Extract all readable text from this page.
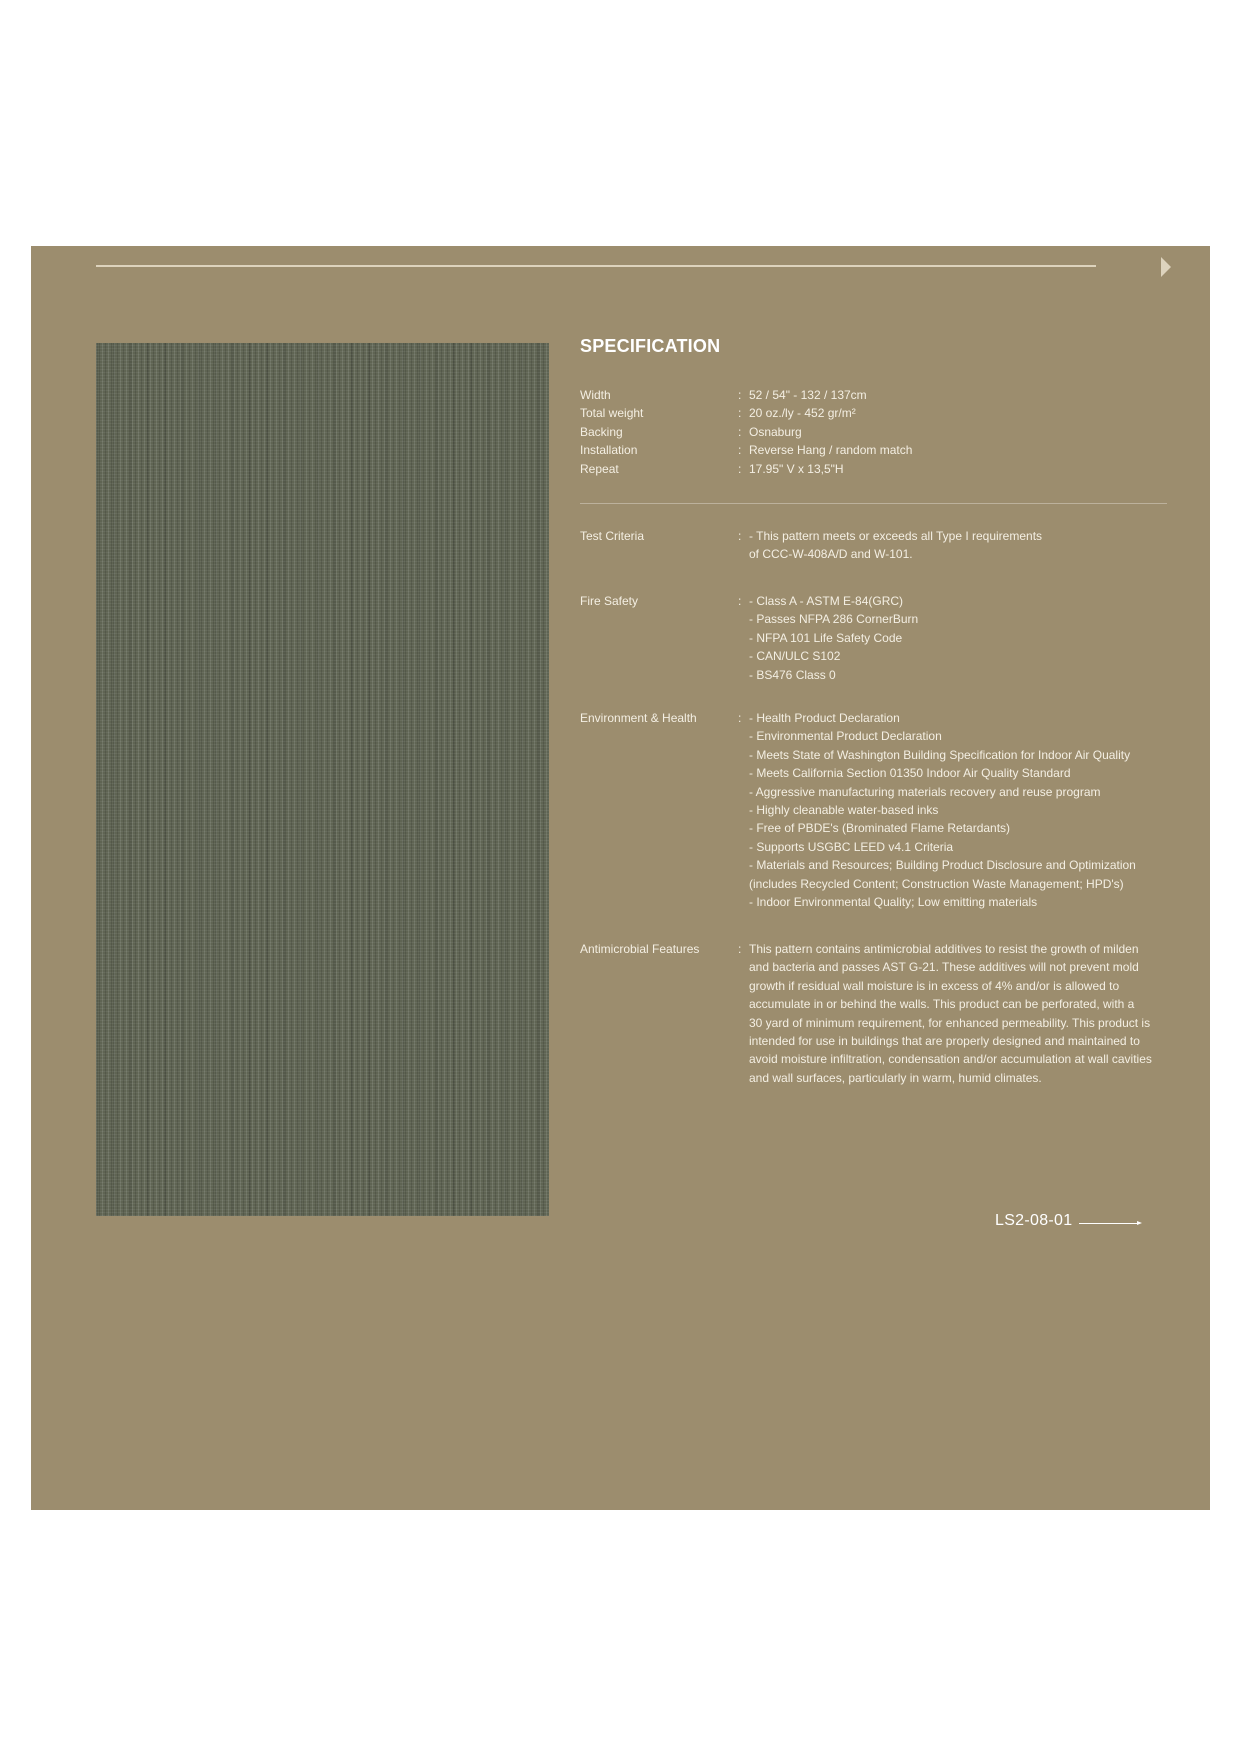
SPECIFICATION
Width	: 52 / 54" - 132 / 137cm
Total weight	: 20 oz./ly - 452 gr/m²
Backing	: Osnaburg
Installation	: Reverse Hang / random match
Repeat	: 17.95" V x 13,5"H
Test Criteria	: - This pattern meets or exceeds all Type I requirements
of CCC-W-408A/D and W-101.
Fire Safety	: - Class A - ASTM E-84(GRC)
- Passes NFPA 286 CornerBurn
- NFPA 101 Life Safety Code
- CAN/ULC S102
- BS476 Class 0
Environment & Health	: - Health Product Declaration
- Environmental Product Declaration
- Meets State of Washington Building Specification for Indoor Air Quality
- Meets California Section 01350 Indoor Air Quality Standard
- Aggressive manufacturing materials recovery and reuse program
- Highly cleanable water-based inks
- Free of PBDE's (Brominated Flame Retardants)
- Supports USGBC LEED v4.1 Criteria
- Materials and Resources; Building Product Disclosure and Optimization
(includes Recycled Content; Construction Waste Management; HPD's)
- Indoor Environmental Quality; Low emitting materials
Antimicrobial Features	: This pattern contains antimicrobial additives to resist the growth of milden
and bacteria and passes AST G-21. These additives will not prevent mold
growth if residual wall moisture is in excess of 4% and/or is allowed to
accumulate in or behind the walls. This product can be perforated, with a
30 yard of minimum requirement, for enhanced permeability. This product is
intended for use in buildings that are properly designed and maintained to
avoid moisture infiltration, condensation and/or accumulation at wall cavities
and wall surfaces, particularly in warm, humid climates.
LS2-08-01
